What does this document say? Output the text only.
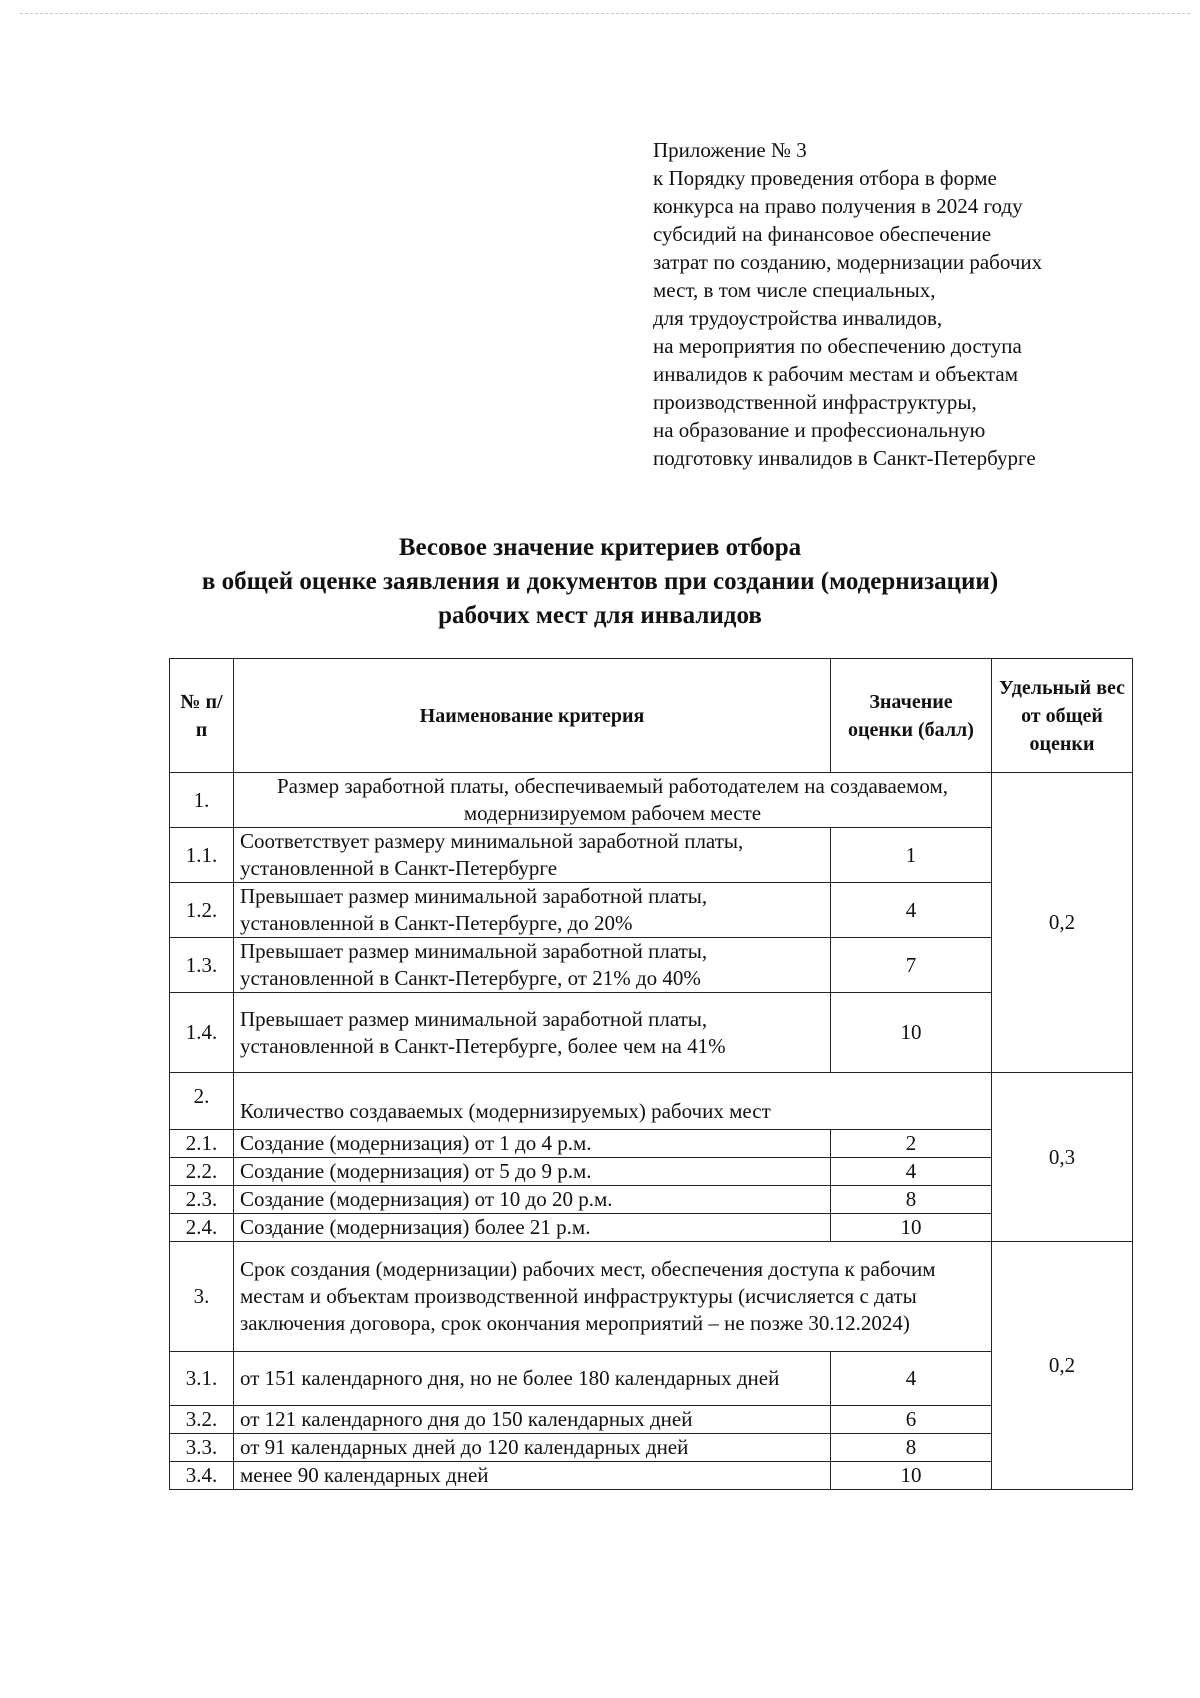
Приложение № 3
к Порядку проведения отбора в форме
конкурса на право получения в 2024 году
субсидий на финансовое обеспечение
затрат по созданию, модернизации рабочих
мест, в том числе специальных,
для трудоустройства инвалидов,
на мероприятия по обеспечению доступа
инвалидов к рабочим местам и объектам
производственной инфраструктуры,
на образование и профессиональную
подготовку инвалидов в Санкт-Петербурге
Весовое значение критериев отбора
в общей оценке заявления и документов при создании (модернизации)
рабочих мест для инвалидов
№ п/п	Наименование критерия	Значение оценки (балл)	Удельный вес от общей оценки
1.	Размер заработной платы, обеспечиваемый работодателем на создаваемом, модернизируемом рабочем месте		0,2
1.1.	Соответствует размеру минимальной заработной платы, установленной в Санкт-Петербурге	1	
1.2.	Превышает размер минимальной заработной платы, установленной в Санкт-Петербурге, до 20%	4	
1.3.	Превышает размер минимальной заработной платы, установленной в Санкт-Петербурге, от 21% до 40%	7	
1.4.	Превышает размер минимальной заработной платы, установленной в Санкт-Петербурге, более чем на 41%	10	
2.	Количество создаваемых (модернизируемых) рабочих мест		0,3
2.1.	Создание (модернизация) от 1 до 4 р.м.	2	
2.2.	Создание (модернизация) от 5 до 9 р.м.	4	
2.3.	Создание (модернизация) от 10 до 20 р.м.	8	
2.4.	Создание (модернизация) более 21 р.м.	10	
3.	Срок создания (модернизации) рабочих мест, обеспечения доступа к рабочим местам и объектам производственной инфраструктуры (исчисляется с даты заключения договора, срок окончания мероприятий – не позже 30.12.2024)		0,2
3.1.	от 151 календарного дня, но не более 180 календарных дней	4	
3.2.	от 121 календарного дня до 150 календарных дней	6	
3.3.	от 91 календарных дней до 120 календарных дней	8	
3.4.	менее 90 календарных дней	10	
